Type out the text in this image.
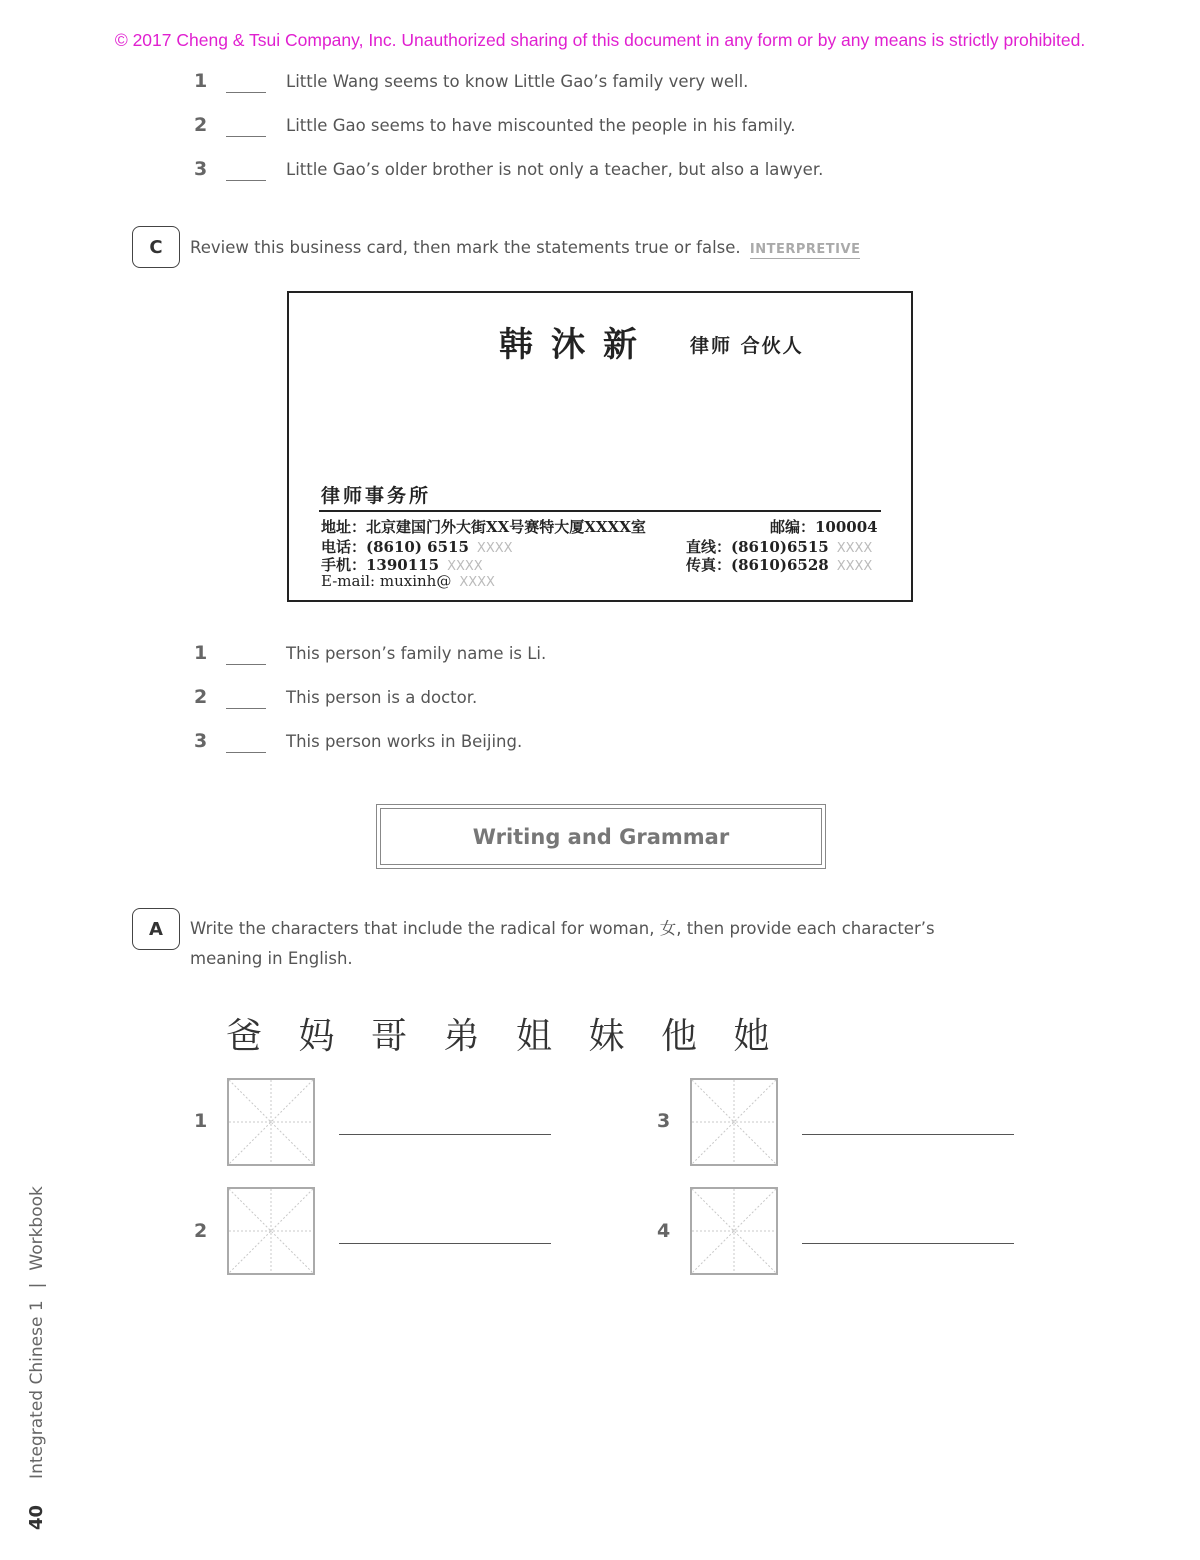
© 2017 Cheng & Tsui Company, Inc. Unauthorized sharing of this document in any form or by any means is strictly prohibited.
1	Little Wang seems to know Little Gao’s family very well.
2	Little Gao seems to have miscounted the people in his family.
3	Little Gao’s older brother is not only a teacher, but also a lawyer.
C	Review this business card, then mark the statements true or false. INTERPRETIVE
韩沐新 律师 合伙人
律师事务所
地址：北京建国门外大街XX号赛特大厦XXXX室	邮编：100004
电话：(8610) 6515 XXXX	直线：(8610)6515 XXXX
手机：1390115 XXXX	传真：(8610)6528 XXXX
E-mail: muxinh@ XXXX
1	This person’s family name is Li.
2	This person is a doctor.
3	This person works in Beijing.
Writing and Grammar
A	Write the characters that include the radical for woman, 女, then provide each character’s
meaning in English.
爸 妈 哥 弟 姐 妹 他 她
1
2
3
4
40Integrated Chinese 1|Workbook
